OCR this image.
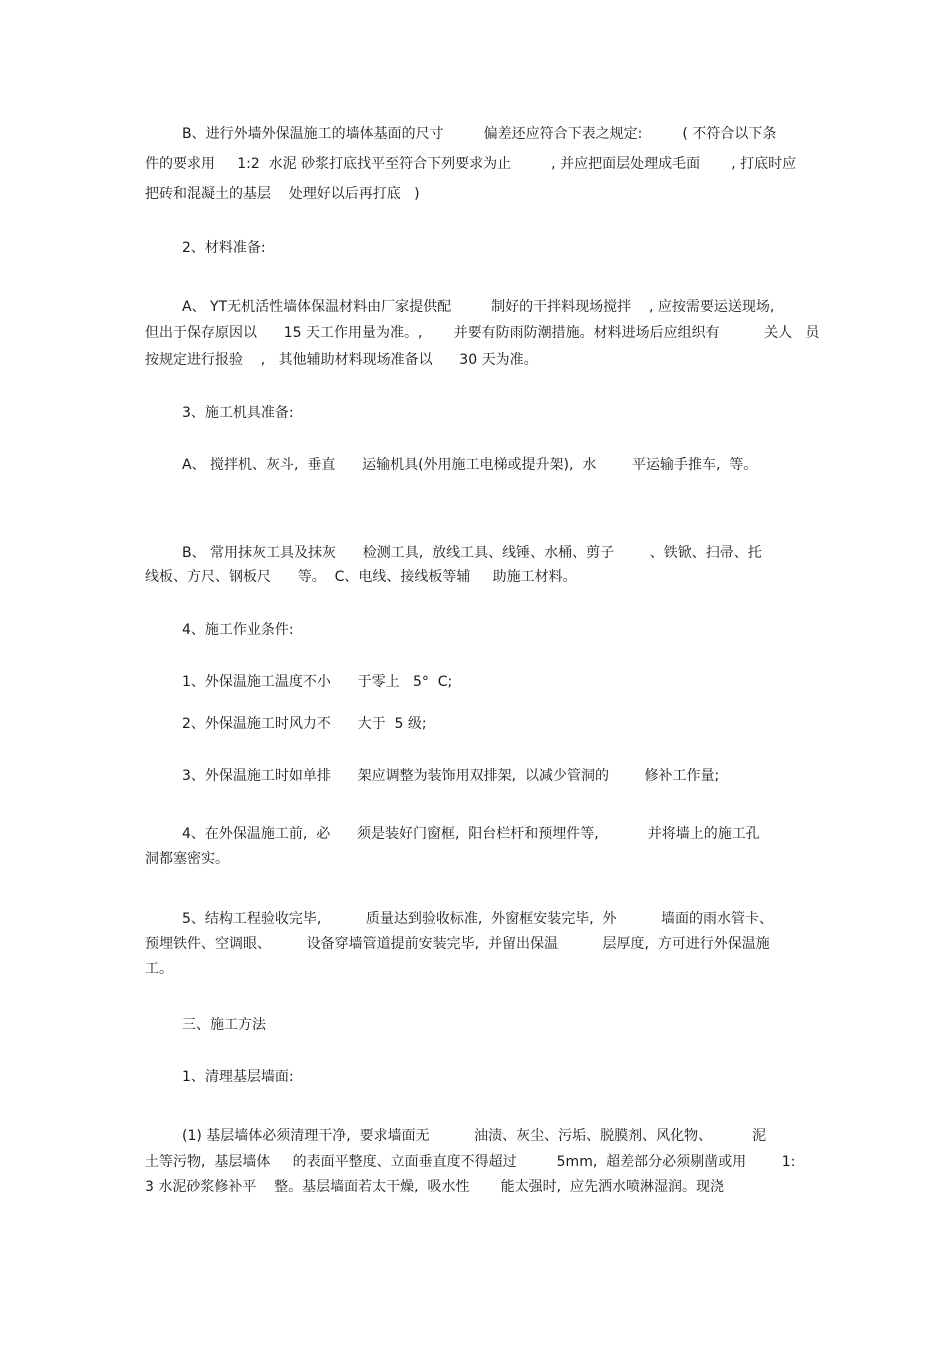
B、进行外墙外保温施工的墙体基面的尺寸         偏差还应符合下表之规定:         ( 不符合以下条
件的要求用     1:2  水泥 砂浆打底找平至符合下列要求为止         , 并应把面层处理成毛面       , 打底时应
把砖和混凝土的基层    处理好以后再打底   )
2、材料准备:
A、 YT无机活性墙体保温材料由厂家提供配         制好的干拌料现场搅拌    , 应按需要运送现场,
但出于保存原因以      15 天工作用量为准。,       并要有防雨防潮措施。材料进场后应组织有          关人   员
按规定进行报验    ,   其他辅助材料现场准备以      30 天为准。
3、施工机具准备:
A、 搅拌机、灰斗,  垂直      运输机具(外用施工电梯或提升架),  水        平运输手推车,  等。
B、 常用抹灰工具及抹灰      检测工具,  放线工具、线锤、水桶、剪子        、铁锨、扫帚、托
线板、方尺、钢板尺      等。  C、电线、接线板等辅     助施工材料。
4、施工作业条件:
1、外保温施工温度不小      于零上   5°  C;
2、外保温施工时风力不      大于  5 级;
3、外保温施工时如单排      架应调整为装饰用双排架,  以减少管洞的        修补工作量;
4、在外保温施工前,  必      须是装好门窗框,  阳台栏杆和预埋件等,           并将墙上的施工孔
洞都塞密实。
5、结构工程验收完毕,          质量达到验收标准,  外窗框安装完毕,  外          墙面的雨水管卡、
预埋铁件、空调眼、        设备穿墙管道提前安装完毕,  并留出保温          层厚度,  方可进行外保温施
工。
三、施工方法
1、清理基层墙面:
(1) 基层墙体必须清理干净,  要求墙面无          油渍、灰尘、污垢、脱膜剂、风化物、         泥
土等污物,  基层墙体     的表面平整度、立面垂直度不得超过         5mm,  超差部分必须剔凿或用        1:
3 水泥砂浆修补平    整。基层墙面若太干燥,  吸水性       能太强时,  应先洒水喷淋湿润。现浇
